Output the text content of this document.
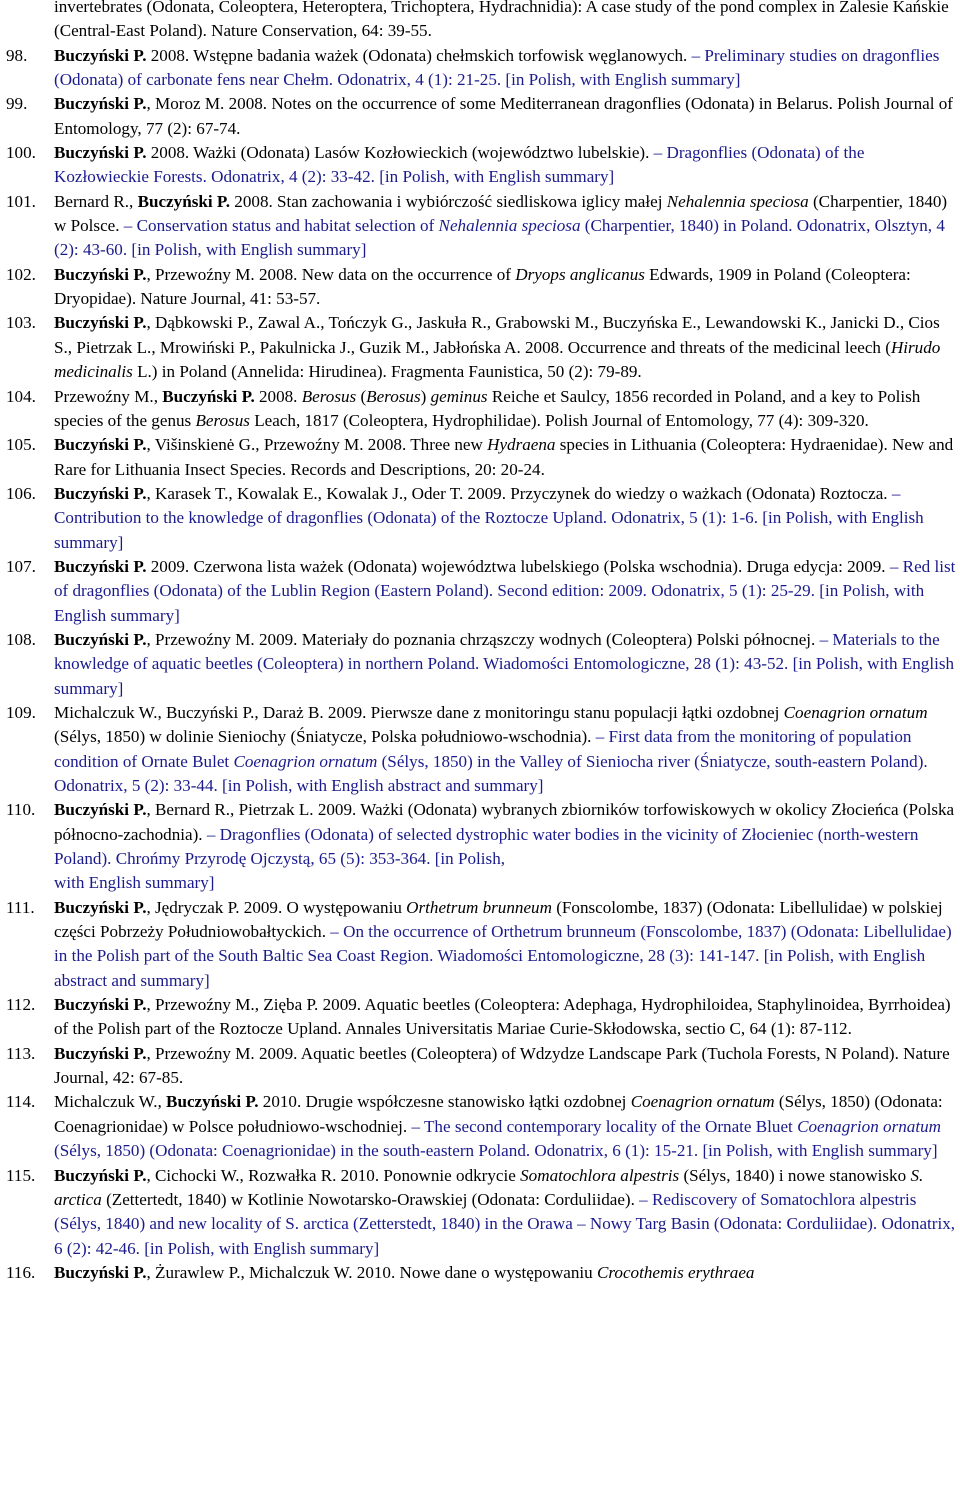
invertebrates (Odonata, Coleoptera, Heteroptera, Trichoptera, Hydrachnidia): A case study of the pond complex in Zalesie Kańskie (Central-East Poland). Nature Conservation, 64: 39-55.

98. Buczyński P. 2008. Wstępne badania ważek (Odonata) chełmskich torfowisk węglanowych. – Preliminary studies on dragonflies (Odonata) of carbonate fens near Chełm. Odonatrix, 4 (1): 21-25. [in Polish, with English summary]

99. Buczyński P., Moroz M. 2008. Notes on the occurrence of some Mediterranean dragonflies (Odonata) in Belarus. Polish Journal of Entomology, 77 (2): 67-74.

100. Buczyński P. 2008. Ważki (Odonata) Lasów Kozłowieckich (województwo lubelskie). – Dragonflies (Odonata) of the Kozłowieckie Forests. Odonatrix, 4 (2): 33-42. [in Polish, with English summary]

101. Bernard R., Buczyński P. 2008. Stan zachowania i wybiórczość siedliskowa iglicy małej Nehalennia speciosa (Charpentier, 1840) w Polsce. – Conservation status and habitat selection of Nehalennia speciosa (Charpentier, 1840) in Poland. Odonatrix, Olsztyn, 4 (2): 43-60. [in Polish, with English summary]

102. Buczyński P., Przewoźny M. 2008. New data on the occurrence of Dryops anglicanus Edwards, 1909 in Poland (Coleoptera: Dryopidae). Nature Journal, 41: 53-57.

103. Buczyński P., Dąbkowski P., Zawal A., Tończyk G., Jaskuła R., Grabowski M., Buczyńska E., Lewandowski K., Janicki D., Cios S., Pietrzak L., Mrowiński P., Pakulnicka J., Guzik M., Jabłońska A. 2008. Occurrence and threats of the medicinal leech (Hirudo medicinalis L.) in Poland (Annelida: Hirudinea). Fragmenta Faunistica, 50 (2): 79-89.

104. Przewoźny M., Buczyński P. 2008. Berosus (Berosus) geminus Reiche et Saulcy, 1856 recorded in Poland, and a key to Polish species of the genus Berosus Leach, 1817 (Coleoptera, Hydrophilidae). Polish Journal of Entomology, 77 (4): 309-320.

105. Buczyński P., Višinskienė G., Przewoźny M. 2008. Three new Hydraena species in Lithuania (Coleoptera: Hydraenidae). New and Rare for Lithuania Insect Species. Records and Descriptions, 20: 20-24.

106. Buczyński P., Karasek T., Kowalak E., Kowalak J., Oder T. 2009. Przyczynek do wiedzy o ważkach (Odonata) Roztocza. – Contribution to the knowledge of dragonflies (Odonata) of the Roztocze Upland. Odonatrix, 5 (1): 1-6. [in Polish, with English summary]

107. Buczyński P. 2009. Czerwona lista ważek (Odonata) województwa lubelskiego (Polska wschodnia). Druga edycja: 2009. – Red list of dragonflies (Odonata) of the Lublin Region (Eastern Poland). Second edition: 2009. Odonatrix, 5 (1): 25-29. [in Polish, with English summary]

108. Buczyński P., Przewoźny M. 2009. Materiały do poznania chrząszczy wodnych (Coleoptera) Polski północnej. – Materials to the knowledge of aquatic beetles (Coleoptera) in northern Poland. Wiadomości Entomologiczne, 28 (1): 43-52. [in Polish, with English summary]

109. Michalczuk W., Buczyński P., Daraż B. 2009. Pierwsze dane z monitoringu stanu populacji łątki ozdobnej Coenagrion ornatum (Sélys, 1850) w dolinie Sieniochy (Śniatycze, Polska południowo-wschodnia). – First data from the monitoring of population condition of Ornate Bulet Coenagrion ornatum (Sélys, 1850) in the Valley of Sieniocha river (Śniatycze, south-eastern Poland). Odonatrix, 5 (2): 33-44. [in Polish, with English abstract and summary]

110. Buczyński P., Bernard R., Pietrzak L. 2009. Ważki (Odonata) wybranych zbiorników torfowiskowych w okolicy Złocieńca (Polska północno-zachodnia). – Dragonflies (Odonata) of selected dystrophic water bodies in the vicinity of Złocieniec (north-western Poland). Chrońmy Przyrodę Ojczystą, 65 (5): 353-364. [in Polish,
with English summary]

111. Buczyński P., Jędryczak P. 2009. O występowaniu Orthetrum brunneum (Fonscolombe, 1837) (Odonata: Libellulidae) w polskiej części Pobrzeży Południowobałtyckich. – On the occurrence of Orthetrum brunneum (Fonscolombe, 1837) (Odonata: Libellulidae) in the Polish part of the South Baltic Sea Coast Region. Wiadomości Entomologiczne, 28 (3): 141-147. [in Polish, with English abstract and summary]

112. Buczyński P., Przewoźny M., Zięba P. 2009. Aquatic beetles (Coleoptera: Adephaga, Hydrophiloidea, Staphylinoidea, Byrrhoidea) of the Polish part of the Roztocze Upland. Annales Universitatis Mariae Curie-Skłodowska, sectio C, 64 (1): 87-112.

113. Buczyński P., Przewoźny M. 2009. Aquatic beetles (Coleoptera) of Wdzydze Landscape Park (Tuchola Forests, N Poland). Nature Journal, 42: 67-85.

114. Michalczuk W., Buczyński P. 2010. Drugie współczesne stanowisko łątki ozdobnej Coenagrion ornatum (Sélys, 1850) (Odonata: Coenagrionidae) w Polsce południowo-wschodniej. – The second contemporary locality of the Ornate Bluet Coenagrion ornatum (Sélys, 1850) (Odonata: Coenagrionidae) in the south-eastern Poland. Odonatrix, 6 (1): 15-21. [in Polish, with English summary]

115. Buczyński P., Cichocki W., Rozwałka R. 2010. Ponownie odkrycie Somatochlora alpestris (Sélys, 1840) i nowe stanowisko S. arctica (Zettertedt, 1840) w Kotlinie Nowotarsko-Orawskiej (Odonata: Corduliidae). – Rediscovery of Somatochlora alpestris (Sélys, 1840) and new locality of S. arctica (Zetterstedt, 1840) in the Orawa – Nowy Targ Basin (Odonata: Corduliidae). Odonatrix, 6 (2): 42-46. [in Polish, with English summary]

116. Buczyński P., Żurawlew P., Michalczuk W. 2010. Nowe dane o występowaniu Crocothemis erythraea
